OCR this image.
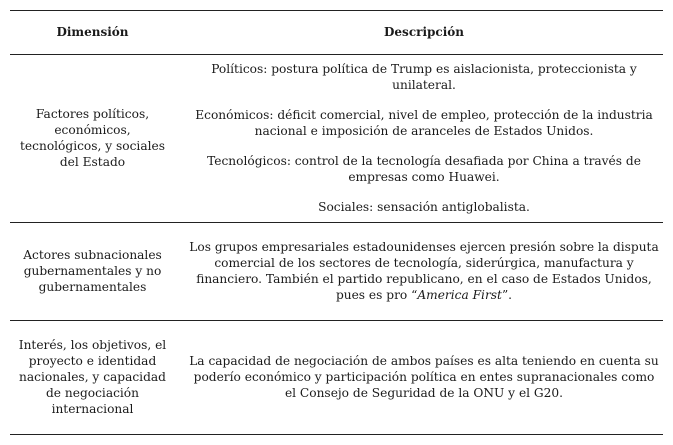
Dimensión	Descripción
Factores políticos, económicos, tecnológicos, y sociales del Estado
Políticos: postura política de Trump es aislacionista, proteccionista y unilateral.
Económicos: déficit comercial, nivel de empleo, protección de la industria nacional e imposición de aranceles de Estados Unidos.
Tecnológicos: control de la tecnología desafiada por China a través de empresas como Huawei.
Sociales: sensación antiglobalista.
Actores subnacionales gubernamentales y no gubernamentales
Los grupos empresariales estadounidenses ejercen presión sobre la disputa comercial de los sectores de tecnología, siderúrgica, manufactura y financiero. También el partido republicano, en el caso de Estados Unidos, pues es pro “America First”.
Interés, los objetivos, el proyecto e identidad nacionales, y capacidad de negociación internacional
La capacidad de negociación de ambos países es alta teniendo en cuenta su poderío económico y participación política en entes supranacionales como el Consejo de Seguridad de la ONU y el G20.
